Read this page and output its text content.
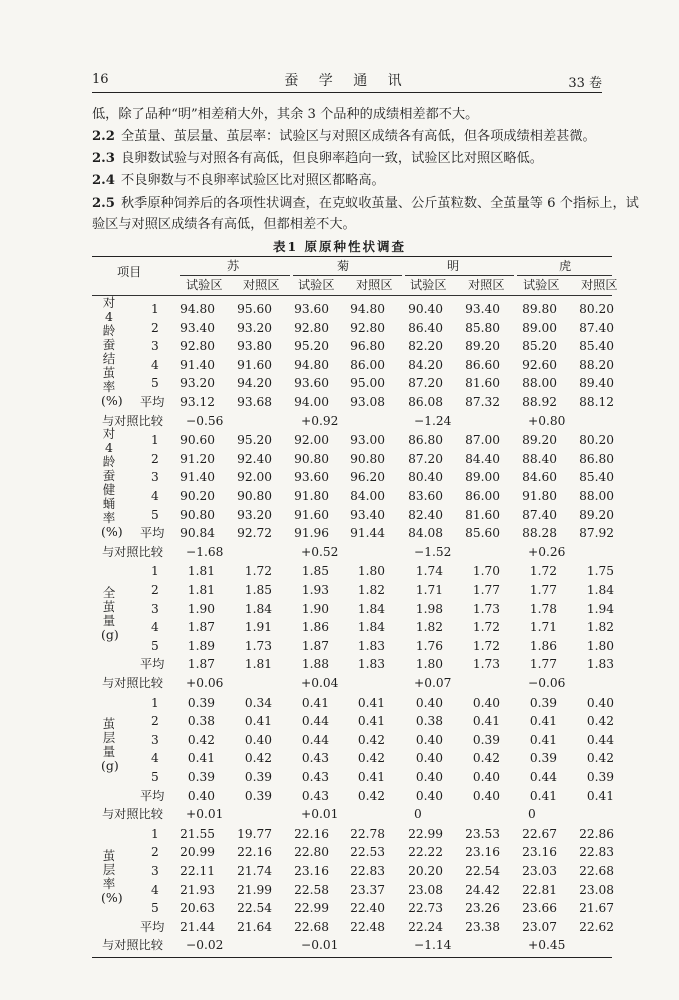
16	蚕 学 通 讯	33 卷
低，除了品种“明”相差稍大外，其余 3 个品种的成绩相差都不大。
2.2 全茧量、茧层量、茧层率：试验区与对照区成绩各有高低，但各项成绩相差甚微。
2.3 良卵数试验与对照各有高低，但良卵率趋向一致，试验区比对照区略低。
2.4 不良卵数与不良卵率试验区比对照区都略高。
2.5 秋季原种饲养后的各项性状调查，在克蚁收茧量、公斤茧粒数、全茧量等 6 个指标上，试
验区与对照区成绩各有高低，但都相差不大。
表1 原原种性状调查
项目	苏	菊	明	虎
试验区 对照区 试验区 对照区 试验区 对照区 试验区 对照区
1	94.80	95.60	93.60	94.80	90.40	93.40	89.80	80.20
2	93.40	93.20	92.80	92.80	86.40	85.80	89.00	87.40
3	92.80	93.80	95.20	96.80	82.20	89.20	85.20	85.40
4	91.40	91.60	94.80	86.00	84.20	86.60	92.60	88.20
5	93.20	94.20	93.60	95.00	87.20	81.60	88.00	89.40
平均	93.12	93.68	94.00	93.08	86.08	87.32	88.92	88.12
对
4
龄
蚕
结
茧
率
(%)
与对照比较 −0.56	+0.92	−1.24	+0.80
1	90.60	95.20	92.00	93.00	86.80	87.00	89.20	80.20
2	91.20	92.40	90.80	90.80	87.20	84.40	88.40	86.80
3	91.40	92.00	93.60	96.20	80.40	89.00	84.60	85.40
4	90.20	90.80	91.80	84.00	83.60	86.00	91.80	88.00
5	90.80	93.20	91.60	93.40	82.40	81.60	87.40	89.20
平均	90.84	92.72	91.96	91.44	84.08	85.60	88.28	87.92
对
4
龄
蚕
健
蛹
率
(%)
与对照比较 −1.68	+0.52	−1.52	+0.26
1	1.81	1.72	1.85	1.80	1.74	1.70	1.72	1.75
2	1.81	1.85	1.93	1.82	1.71	1.77	1.77	1.84
3	1.90	1.84	1.90	1.84	1.98	1.73	1.78	1.94
4	1.87	1.91	1.86	1.84	1.82	1.72	1.71	1.82
5	1.89	1.73	1.87	1.83	1.76	1.72	1.86	1.80
平均	1.87	1.81	1.88	1.83	1.80	1.73	1.77	1.83
全
茧
量
(g)
与对照比较 +0.06	+0.04	+0.07	−0.06
1	0.39	0.34	0.41	0.41	0.40	0.40	0.39	0.40
2	0.38	0.41	0.44	0.41	0.38	0.41	0.41	0.42
3	0.42	0.40	0.44	0.42	0.40	0.39	0.41	0.44
4	0.41	0.42	0.43	0.42	0.40	0.42	0.39	0.42
5	0.39	0.39	0.43	0.41	0.40	0.40	0.44	0.39
平均	0.40	0.39	0.43	0.42	0.40	0.40	0.41	0.41
茧
层
量
(g)
与对照比较 +0.01	+0.01	0	0
1	21.55	19.77	22.16	22.78	22.99	23.53	22.67	22.86
2	20.99	22.16	22.80	22.53	22.22	23.16	23.16	22.83
3	22.11	21.74	23.16	22.83	20.20	22.54	23.03	22.68
4	21.93	21.99	22.58	23.37	23.08	24.42	22.81	23.08
5	20.63	22.54	22.99	22.40	22.73	23.26	23.66	21.67
平均	21.44	21.64	22.68	22.48	22.24	23.38	23.07	22.62
茧
层
率
(%)
与对照比较 −0.02	−0.01	−1.14	+0.45
